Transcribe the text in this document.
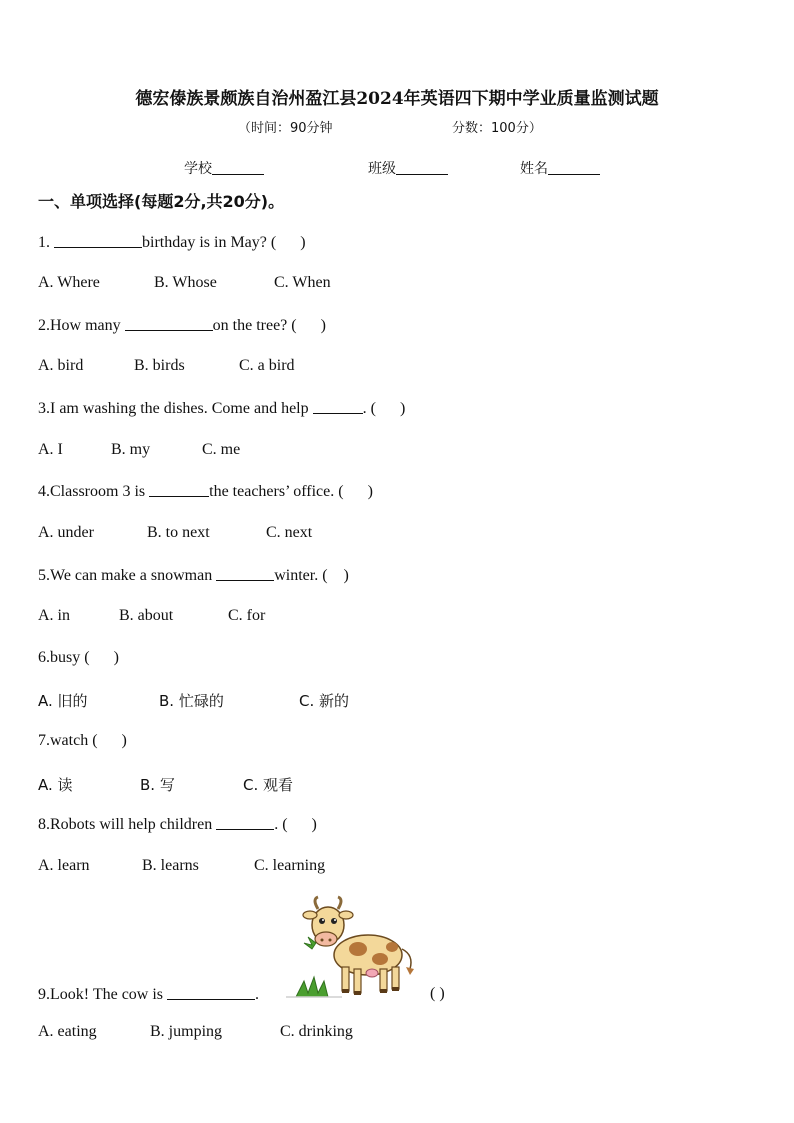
德宏傣族景颇族自治州盈江县2024年英语四下期中学业质量监测试题
（时间：90分钟	分数：100分）
学校	班级	姓名
一、单项选择(每题2分,共20分)。
1.	birthday is in May? ( )
A. Where	B. Whose	C. When
2.How many	on the tree? ( )
A. bird	B. birds	C. a bird
3.I am washing the dishes. Come and help	. ( )
A. I	B. my	C. me
4.Classroom 3 is	the teachers’ office. ( )
A. under	B. to next	C. next
5.We can make a snowman	winter. ( )
A. in	B. about	C. for
6.busy ( )
A. 旧的	B. 忙碌的	C. 新的
7.watch ( )
A. 读	B. 写	C. 观看
8.Robots will help children	. ( )
A. learn	B. learns	C. learning
9.Look! The cow is	.	( )
A. eating	B. jumping	C. drinking
